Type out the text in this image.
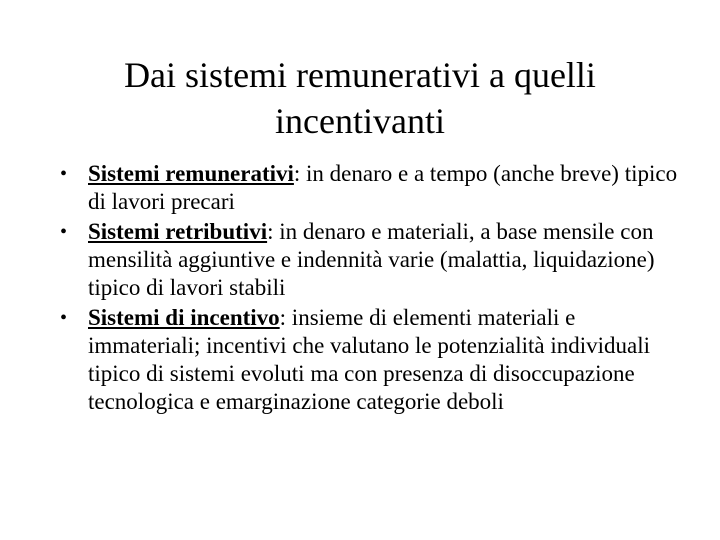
Dai sistemi remunerativi a quelli incentivanti
• Sistemi remunerativi: in denaro e a tempo (anche breve) tipico di lavori precari
• Sistemi retributivi: in denaro e materiali, a base mensile con mensilità aggiuntive e indennità varie (malattia, liquidazione) tipico di lavori stabili
• Sistemi di incentivo: insieme di elementi materiali e immateriali; incentivi che valutano le potenzialità individuali tipico di sistemi evoluti ma con presenza di disoccupazione tecnologica e emarginazione categorie deboli
